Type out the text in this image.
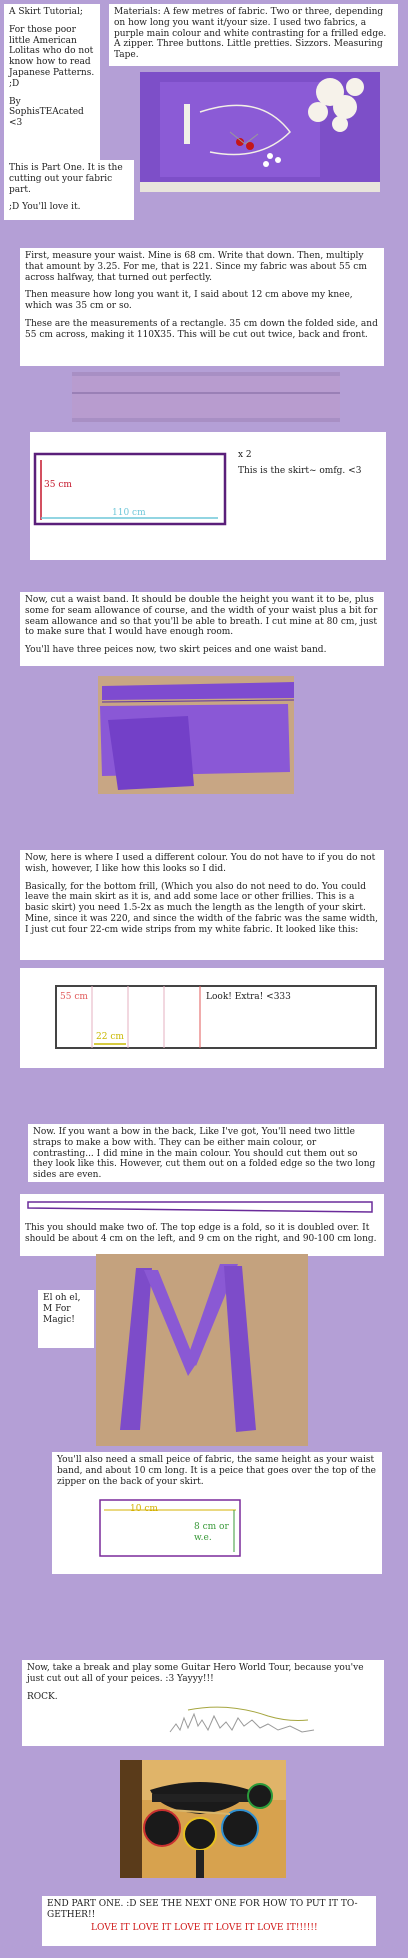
A Skirt Tutorial;

For those poor little American Lolitas who do not know how to read Japanese Patterns. ;D

By SophisTEAcated <3

Materials: A few metres of fabric. Two or three, depending on how long you want it/your size. I used two fabrics, a purple main colour and white contrasting for a frilled edge. A zipper. Three buttons. Little pretties. Sizzors. Measuring Tape.

This is Part One. It is the cutting out your fabric part.

;D You'll love it.

First, measure your waist. Mine is 68 cm. Write that down. Then, multiply that amount by 3.25. For me, that is 221. Since my fabric was about 55 cm across halfway, that turned out perfectly.

Then measure how long you want it, I said about 12 cm above my knee, which was 35 cm or so.

These are the measurements of a rectangle. 35 cm down the folded side, and 55 cm across, making it 110X35. This will be cut out twice, back and front.

35 cm
110 cm
x 2
This is the skirt~ omfg. <3

Now, cut a waist band. It should be double the height you want it to be, plus some for seam allowance of course, and the width of your waist plus a bit for seam allowance and so that you'll be able to breath. I cut mine at 80 cm, just to make sure that I would have enough room.

You'll have three peices now, two skirt peices and one waist band.

Now, here is where I used a different colour. You do not have to if you do not wish, however, I like how this looks so I did.

Basically, for the bottom frill, (Which you also do not need to do. You could leave the main skirt as it is, and add some lace or other frillies. This is a basic skirt) you need 1.5-2x as much the length as the length of your skirt. Mine, since it was 220, and since the width of the fabric was the same width, I just cut four 22-cm wide strips from my white fabric. It looked like this:

55 cm
22 cm
Look! Extra! <333

Now. If you want a bow in the back, Like I've got, You'll need two little straps to make a bow with. They can be either main colour, or contrasting... I did mine in the main colour. You should cut them out so they look like this. However, cut them out on a folded edge so the two long sides are even.

This you should make two of. The top edge is a fold, so it is doubled over. It should be about 4 cm on the left, and 9 cm on the right, and 90-100 cm long.

El oh el, M For Magic!

You'll also need a small peice of fabric, the same height as your waist band, and about 10 cm long. It is a peice that goes over the top of the zipper on the back of your skirt.

10 cm
8 cm or w.e.

Now, take a break and play some Guitar Hero World Tour, because you've just cut out all of your peices. :3 Yayyy!!!

ROCK.

END PART ONE. :D SEE THE NEXT ONE FOR HOW TO PUT IT TO-GETHER!!

LOVE IT LOVE IT LOVE IT LOVE IT LOVE IT!!!!!!
